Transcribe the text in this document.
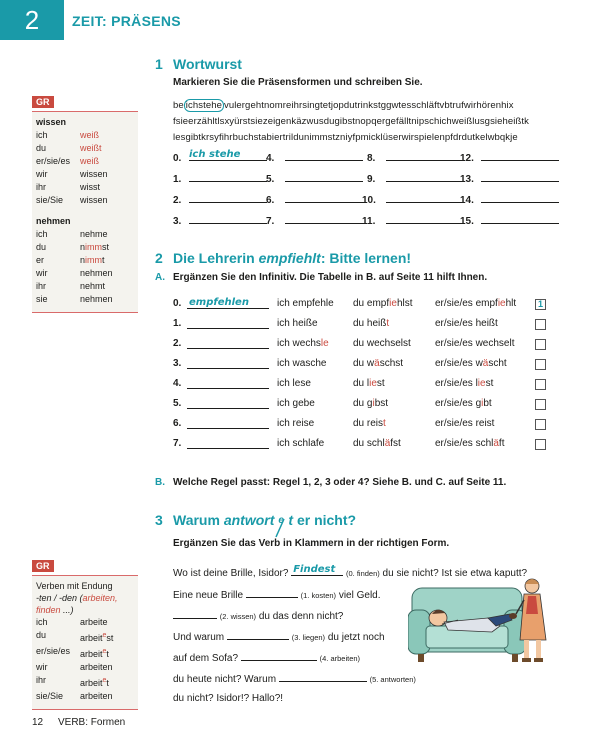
2	ZEIT: PRÄSENS
GR
wissen
ich	weiß
du	weißt
er/sie/es	weiß
wir	wissen
ihr	wisst
sie/Sie	wissen
nehmen
ich	nehme
du	nimmst
er	nimmt
wir	nehmen
ihr	nehmt
sie	nehmen
GR
Verben mit Endung
-ten / -den (arbeiten,
finden ...)
ich	arbeite
du	arbeit$^e$st
er/sie/es	arbeit$^e$t
wir	arbeiten
ihr	arbeit$^e$t
sie/Sie	arbeiten
1 Wortwurst
Markieren Sie die Präsensformen und schreiben Sie.
be ichstehe vulergehtnomreihrsingtetjopdutrinkstggwtesschläftvbtrufwirhörenhix
fsieerzähltlsxyürstsiezeigenkäzwusdugibstnopqergefälltnipschichweißlusgsieheißtk
lesgibtkrsyfihrbuchstabiertrildunimmstzniyfpmicklüserwirspielenpfdrdutkelwbqkje
0. ich stehe	4.	8.	12.
1.	5.	9.	13.
2.	6.	10.	14.
3.	7.	11.	15.
2 Die Lehrerin empfiehlt: Bitte lernen!
A. Ergänzen Sie den Infinitiv. Die Tabelle in B. auf Seite 11 hilft Ihnen.
0. empfehlen	ich empfehle du empfiehlst er/sie/es empfiehlt	1
1.	ich heiße	du heißt	er/sie/es heißt
2.	ich wechsle du wechselst er/sie/es wechselt
3.	ich wasche	du wäschst	er/sie/es wäscht
4.	ich lese	du liest	er/sie/es liest
5.	ich gebe	du gibst	er/sie/es gibt
6.	ich reise	du reist	er/sie/es reist
7.	ich schlafe	du schläfst	er/sie/es schläft
B. Welche Regel passt: Regel 1, 2, 3 oder 4? Siehe B. und C. auf Seite 11.
3 Warum antwort e t er nicht?
Ergänzen Sie das Verb in Klammern in der richtigen Form.
Wo ist deine Brille, Isidor? Findest (0. finden) du sie nicht? Ist sie etwa kaputt?
Eine neue Brille	(1. kosten) viel Geld.
(2. wissen) du das denn nicht?
Und warum	(3. liegen) du jetzt noch
auf dem Sofa?	(4. arbeiten)
du heute nicht? Warum	(5. antworten)
du nicht? Isidor!? Hallo?!
12 VERB: Formen
